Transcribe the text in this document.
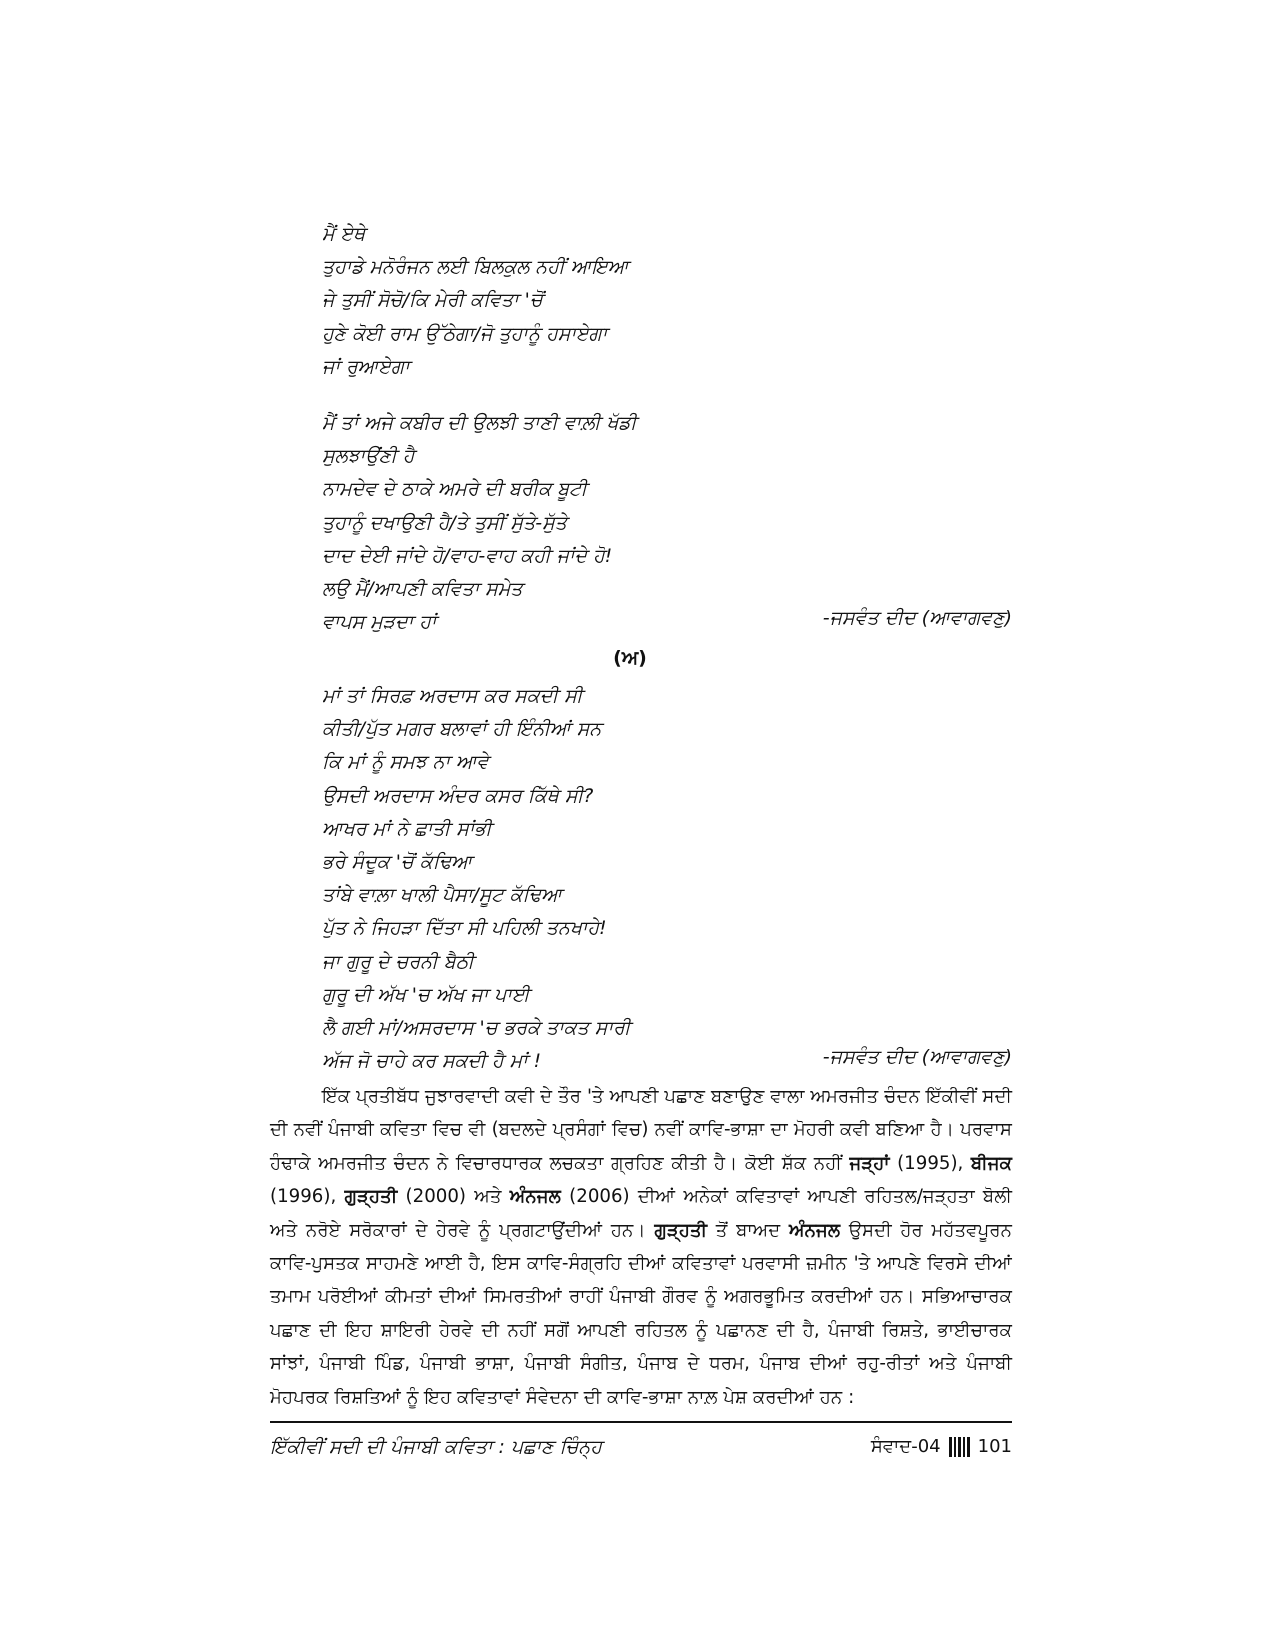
ਮੈਂ ਏਥੇ
ਤੁਹਾਡੇ ਮਨੋਰੰਜਨ ਲਈ ਬਿਲਕੁਲ ਨਹੀਂ ਆਇਆ
ਜੇ ਤੁਸੀਂ ਸੋਚੋ/ਕਿ ਮੇਰੀ ਕਵਿਤਾ 'ਚੋਂ
ਹੁਣੇ ਕੋਈ ਰਾਮ ਉੱਠੇਗਾ/ਜੋ ਤੁਹਾਨੂੰ ਹਸਾਏਗਾ
ਜਾਂ ਰੁਆਏਗਾ
ਮੈਂ ਤਾਂ ਅਜੇ ਕਬੀਰ ਦੀ ਉਲਝੀ ਤਾਣੀ ਵਾਲ਼ੀ ਖੱਡੀ
ਸੁਲਝਾਉਂਣੀ ਹੈ
ਨਾਮਦੇਵ ਦੇ ਠਾਕੇ ਅਮਰੇ ਦੀ ਬਰੀਕ ਬੂਟੀ
ਤੁਹਾਨੂੰ ਦਖਾਉਣੀ ਹੈ/ਤੇ ਤੁਸੀਂ ਸੁੱਤੇ-ਸੁੱਤੇ
ਦਾਦ ਦੇਈ ਜਾਂਦੇ ਹੋ/ਵਾਹ-ਵਾਹ ਕਹੀ ਜਾਂਦੇ ਹੋ!
ਲਉ ਮੈਂ/ਆਪਣੀ ਕਵਿਤਾ ਸਮੇਤ
ਵਾਪਸ ਮੁੜਦਾ ਹਾਂ	-ਜਸਵੰਤ ਦੀਦ (ਆਵਾਗਵਣੁ)
(ਅ)
ਮਾਂ ਤਾਂ ਸਿਰਫ਼ ਅਰਦਾਸ ਕਰ ਸਕਦੀ ਸੀ
ਕੀਤੀ/ਪੁੱਤ ਮਗਰ ਬਲਾਵਾਂ ਹੀ ਇੰਨੀਆਂ ਸਨ
ਕਿ ਮਾਂ ਨੂੰ ਸਮਝ ਨਾ ਆਵੇ
ਉਸਦੀ ਅਰਦਾਸ ਅੰਦਰ ਕਸਰ ਕਿੱਥੇ ਸੀ?
ਆਖਰ ਮਾਂ ਨੇ ਛਾਤੀ ਸਾਂਭੀ
ਭਰੇ ਸੰਦੂਕ 'ਚੋਂ ਕੱਢਿਆ
ਤਾਂਬੇ ਵਾਲ਼ਾ ਖਾਲੀ ਪੈਸਾ/ਸੂਟ ਕੱਢਿਆ
ਪੁੱਤ ਨੇ ਜਿਹੜਾ ਦਿੱਤਾ ਸੀ ਪਹਿਲੀ ਤਨਖਾਹੇ!
ਜਾ ਗੁਰੂ ਦੇ ਚਰਨੀ ਬੈਠੀ
ਗੁਰੂ ਦੀ ਅੱਖ 'ਚ ਅੱਖ ਜਾ ਪਾਈ
ਲੈ ਗਈ ਮਾਂ/ਅਸਰਦਾਸ 'ਚ ਭਰਕੇ ਤਾਕਤ ਸਾਰੀ
ਅੱਜ ਜੋ ਚਾਹੇ ਕਰ ਸਕਦੀ ਹੈ ਮਾਂ !	-ਜਸਵੰਤ ਦੀਦ (ਆਵਾਗਵਣੁ)

ਇੱਕ ਪ੍ਰਤੀਬੱਧ ਜੁਝਾਰਵਾਦੀ ਕਵੀ ਦੇ ਤੌਰ 'ਤੇ ਆਪਣੀ ਪਛਾਣ ਬਣਾਉਣ ਵਾਲਾ ਅਮਰਜੀਤ ਚੰਦਨ ਇੱਕੀਵੀਂ ਸਦੀ ਦੀ ਨਵੀਂ ਪੰਜਾਬੀ ਕਵਿਤਾ ਵਿਚ ਵੀ (ਬਦਲਦੇ ਪ੍ਰਸੰਗਾਂ ਵਿਚ) ਨਵੀਂ ਕਾਵਿ-ਭਾਸ਼ਾ ਦਾ ਮੋਹਰੀ ਕਵੀ ਬਣਿਆ ਹੈ। ਪਰਵਾਸ ਹੰਢਾਕੇ ਅਮਰਜੀਤ ਚੰਦਨ ਨੇ ਵਿਚਾਰਧਾਰਕ ਲਚਕਤਾ ਗ੍ਰਹਿਣ ਕੀਤੀ ਹੈ। ਕੋਈ ਸ਼ੱਕ ਨਹੀਂ ਜੜ੍ਹਾਂ (1995), ਬੀਜਕ (1996), ਗੁੜ੍ਹਤੀ (2000) ਅਤੇ ਅੰਨਜਲ (2006) ਦੀਆਂ ਅਨੇਕਾਂ ਕਵਿਤਾਵਾਂ ਆਪਣੀ ਰਹਿਤਲ/ਜੜ੍ਹਤਾ ਬੋਲੀ ਅਤੇ ਨਰੋਏ ਸਰੋਕਾਰਾਂ ਦੇ ਹੇਰਵੇ ਨੂੰ ਪ੍ਰਗਟਾਉਂਦੀਆਂ ਹਨ। ਗੁੜ੍ਹਤੀ ਤੋਂ ਬਾਅਦ ਅੰਨਜਲ ਉਸਦੀ ਹੋਰ ਮਹੱਤਵਪੂਰਨ ਕਾਵਿ-ਪੁਸਤਕ ਸਾਹਮਣੇ ਆਈ ਹੈ, ਇਸ ਕਾਵਿ-ਸੰਗ੍ਰਹਿ ਦੀਆਂ ਕਵਿਤਾਵਾਂ ਪਰਵਾਸੀ ਜ਼ਮੀਨ 'ਤੇ ਆਪਣੇ ਵਿਰਸੇ ਦੀਆਂ ਤਮਾਮ ਪਰੋਈਆਂ ਕੀਮਤਾਂ ਦੀਆਂ ਸਿਮਰਤੀਆਂ ਰਾਹੀਂ ਪੰਜਾਬੀ ਗੌਰਵ ਨੂੰ ਅਗਰਭੂਮਿਤ ਕਰਦੀਆਂ ਹਨ। ਸਭਿਆਚਾਰਕ ਪਛਾਣ ਦੀ ਇਹ ਸ਼ਾਇਰੀ ਹੇਰਵੇ ਦੀ ਨਹੀਂ ਸਗੋਂ ਆਪਣੀ ਰਹਿਤਲ ਨੂੰ ਪਛਾਨਣ ਦੀ ਹੈ, ਪੰਜਾਬੀ ਰਿਸ਼ਤੇ, ਭਾਈਚਾਰਕ ਸਾਂਝਾਂ, ਪੰਜਾਬੀ ਪਿੰਡ, ਪੰਜਾਬੀ ਭਾਸ਼ਾ, ਪੰਜਾਬੀ ਸੰਗੀਤ, ਪੰਜਾਬ ਦੇ ਧਰਮ, ਪੰਜਾਬ ਦੀਆਂ ਰਹੁ-ਰੀਤਾਂ ਅਤੇ ਪੰਜਾਬੀ ਮੋਹਪਰਕ ਰਿਸ਼ਤਿਆਂ ਨੂੰ ਇਹ ਕਵਿਤਾਵਾਂ ਸੰਵੇਦਨਾ ਦੀ ਕਾਵਿ-ਭਾਸ਼ਾ ਨਾਲ਼ ਪੇਸ਼ ਕਰਦੀਆਂ ਹਨ :

ਇੱਕੀਵੀਂ ਸਦੀ ਦੀ ਪੰਜਾਬੀ ਕਵਿਤਾ : ਪਛਾਣ ਚਿੰਨ੍ਹ	ਸੰਵਾਦ-04 101
